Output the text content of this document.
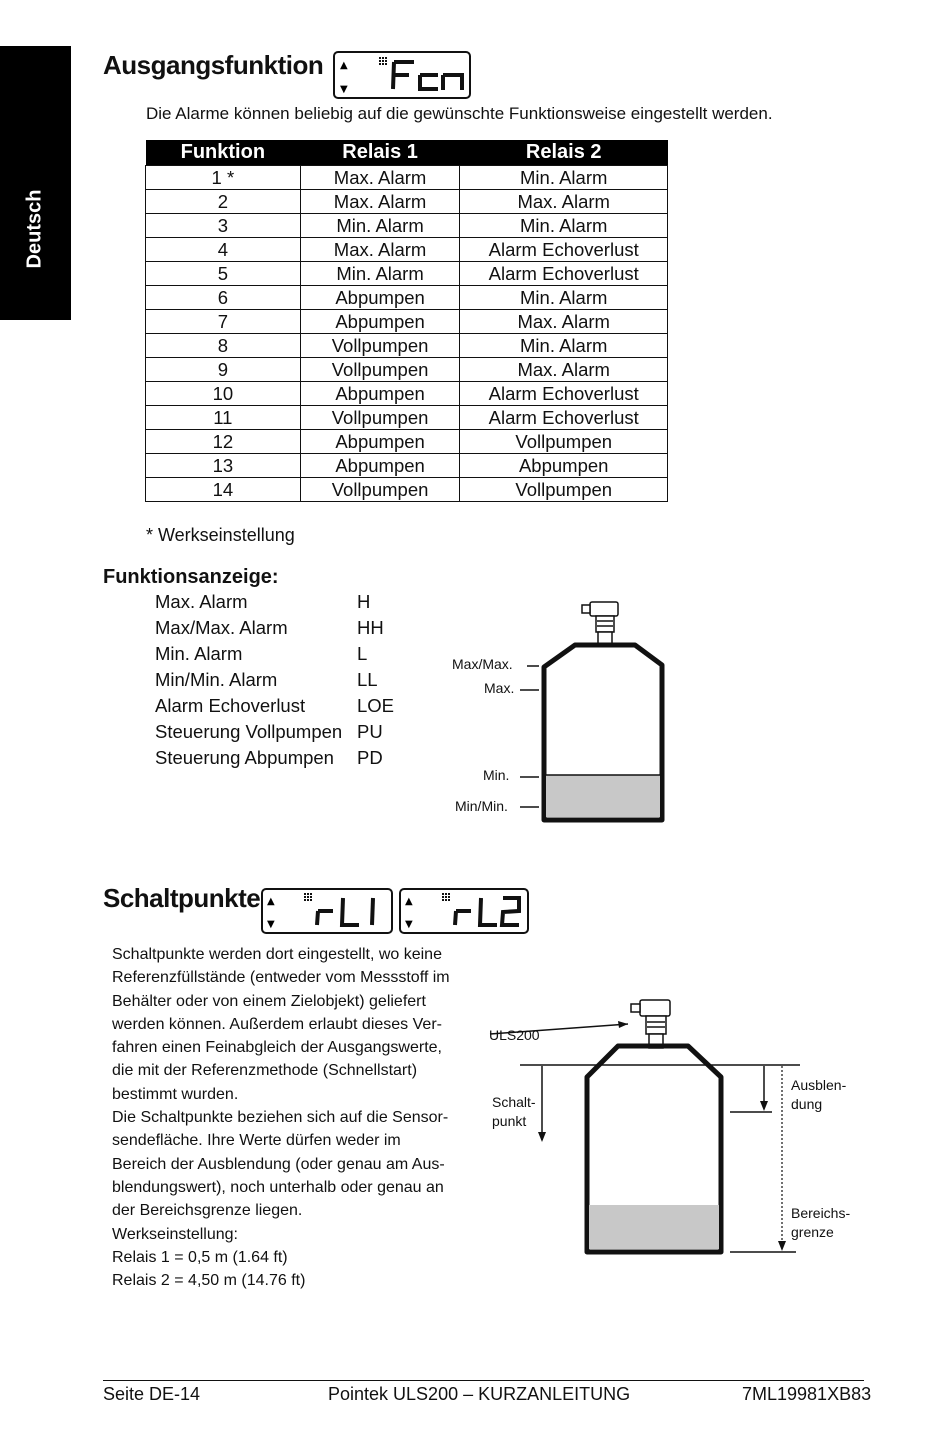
Deutsch
Ausgangsfunktion ▲
▼
Die Alarme können beliebig auf die gewünschte Funktionsweise eingestellt werden.
Funktion	Relais 1	Relais 2
1 *	Max. Alarm	Min. Alarm
2	Max. Alarm	Max. Alarm
3	Min. Alarm	Min. Alarm
4	Max. Alarm	Alarm Echoverlust
5	Min. Alarm	Alarm Echoverlust
6	Abpumpen	Min. Alarm
7	Abpumpen	Max. Alarm
8	Vollpumpen	Min. Alarm
9	Vollpumpen	Max. Alarm
10	Abpumpen	Alarm Echoverlust
11	Vollpumpen	Alarm Echoverlust
12	Abpumpen	Vollpumpen
13	Abpumpen	Abpumpen
14	Vollpumpen	Vollpumpen
* Werkseinstellung
Funktionsanzeige:
Max. Alarm	H
Max/Max. Alarm	HH
Min. Alarm	L
Min/Min. Alarm	LL
Alarm Echoverlust	LOE
Steuerung Vollpumpen PU
Steuerung Abpumpen PD
Max/Max.
Max.
Min.
Min/Min.
Schaltpunkte ▲
▼
▲
▼
Schaltpunkte werden dort eingestellt, wo keine
Referenzfüllstände (entweder vom Messstoff im
Behälter oder von einem Zielobjekt) geliefert
werden können. Außerdem erlaubt dieses Ver-
fahren einen Feinabgleich der Ausgangswerte,
die mit der Referenzmethode (Schnellstart)
bestimmt wurden.
Die Schaltpunkte beziehen sich auf die Sensor-
sendefläche. Ihre Werte dürfen weder im
Bereich der Ausblendung (oder genau am Aus-
blendungswert), noch unterhalb oder genau an
der Bereichsgrenze liegen.
Werkseinstellung:
Relais 1 = 0,5 m (1.64 ft)
Relais 2 = 4,50 m (14.76 ft)
ULS200
Schalt-
punkt
Ausblen-
dung
Bereichs-
grenze
Seite DE-14	Pointek ULS200 – KURZANLEITUNG	7ML19981XB83
